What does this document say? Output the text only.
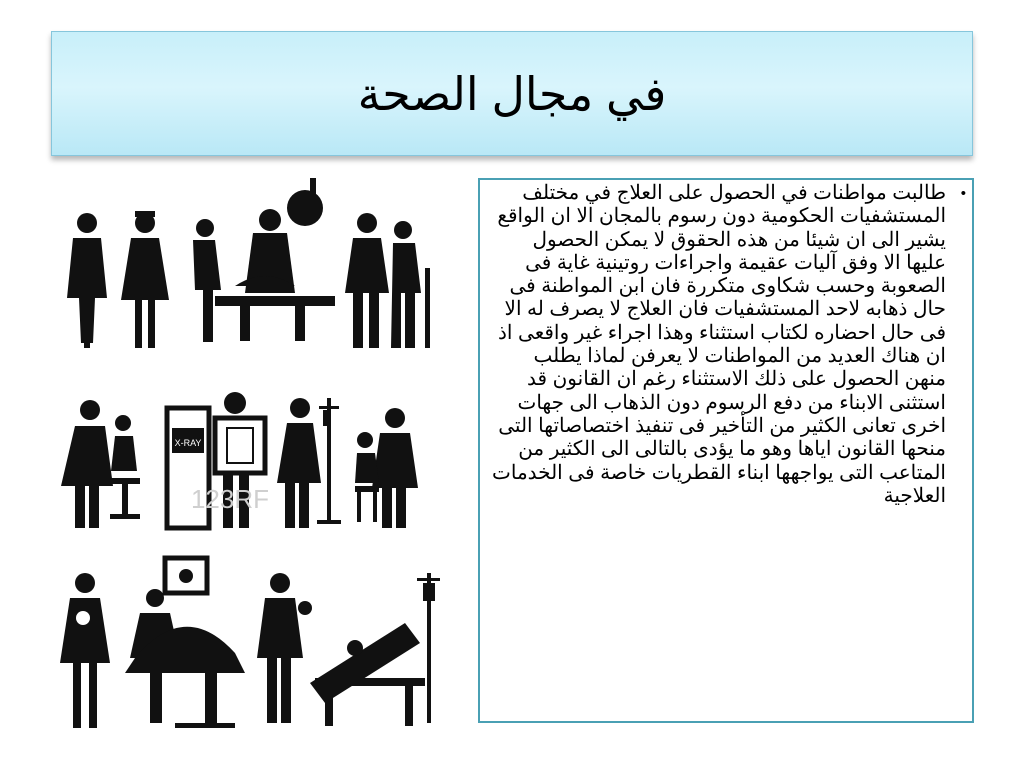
في مجال الصحة
X-RAY
123RF
•

طالبت مواطنات في الحصول على العلاج في مختلف المستشفيات الحكومية دون رسوم بالمجان الا ان الواقع يشير الى ان شيئا من هذه الحقوق لا يمكن الحصول عليها الا وفق آليات عقيمة واجراءات روتينية غاية فى الصعوبة وحسب شكاوى متكررة فان ابن المواطنة فى حال ذهابه لاحد المستشفيات فان العلاج لا يصرف له الا فى حال احضاره لكتاب استثناء وهذا اجراء غير واقعى اذ ان هناك العديد من المواطنات لا يعرفن لماذا يطلب منهن الحصول على ذلك الاستثناء رغم ان القانون قد استثنى الابناء من دفع الرسوم دون الذهاب الى جهات اخرى تعانى الكثير من التأخير فى تنفيذ اختصاصاتها التى منحها القانون اياها وهو ما يؤدى بالتالى الى الكثير من المتاعب التى يواجهها ابناء القطريات خاصة فى الخدمات العلاجية
